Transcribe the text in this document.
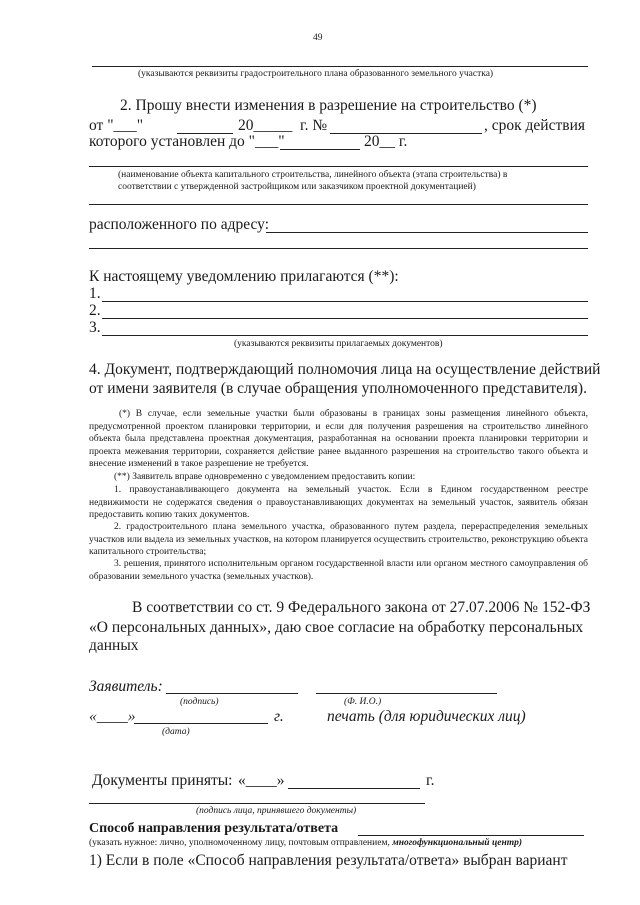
49
(указываются реквизиты градостроительного плана образованного земельного участка)
2. Прошу внести изменения в разрешение на строительство (*)
от "___"	20_____ г. №	, срок действия
которого установлен до "___"	20__ г.
(наименование объекта капитального строительства, линейного объекта (этапа строительства) в
соответствии с утвержденной застройщиком или заказчиком проектной документацией)
расположенного по адресу:
К настоящему уведомлению прилагаются (**):
1.
2.
3.
(указываются реквизиты прилагаемых документов)
4. Документ, подтверждающий полномочия лица на осуществление действий
от имени заявителя (в случае обращения уполномоченного представителя).
(*) В случае, если земельные участки были образованы в границах зоны размещения линейного объекта, предусмотренной проектом планировки территории, и если для получения разрешения на строительство линейного объекта была представлена проектная документация, разработанная на основании проекта планировки территории и проекта межевания территории, сохраняется действие ранее выданного разрешения на строительство такого объекта и внесение изменений в такое разрешение не требуется.
(**) Заявитель вправе одновременно с уведомлением предоставить копии:
1. правоустанавливающего документа на земельный участок. Если в Едином государственном реестре недвижимости не содержатся сведения о правоустанавливающих документах на земельный участок, заявитель обязан предоставить копию таких документов.
2. градостроительного плана земельного участка, образованного путем раздела, перераспределения земельных участков или выдела из земельных участков, на котором планируется осуществить строительство, реконструкцию объекта капитального строительства;
3. решения, принятого исполнительным органом государственной власти или органом местного самоуправления об образовании земельного участка (земельных участков).
В соответствии со ст. 9 Федерального закона от 27.07.2006 № 152-ФЗ
«О персональных данных», даю свое согласие на обработку персональных
данных
Заявитель:
(подпись)	(Ф. И.О.)
«____»	г.	печать (для юридических лиц)
(дата)
Документы приняты: «____»	г.
(подпись лица, принявшего документы)
Способ направления результата/ответа
(указать нужное: лично, уполномоченному лицу, почтовым отправлением, многофункциональный центр)
1) Если в поле «Способ направления результата/ответа» выбран вариант
